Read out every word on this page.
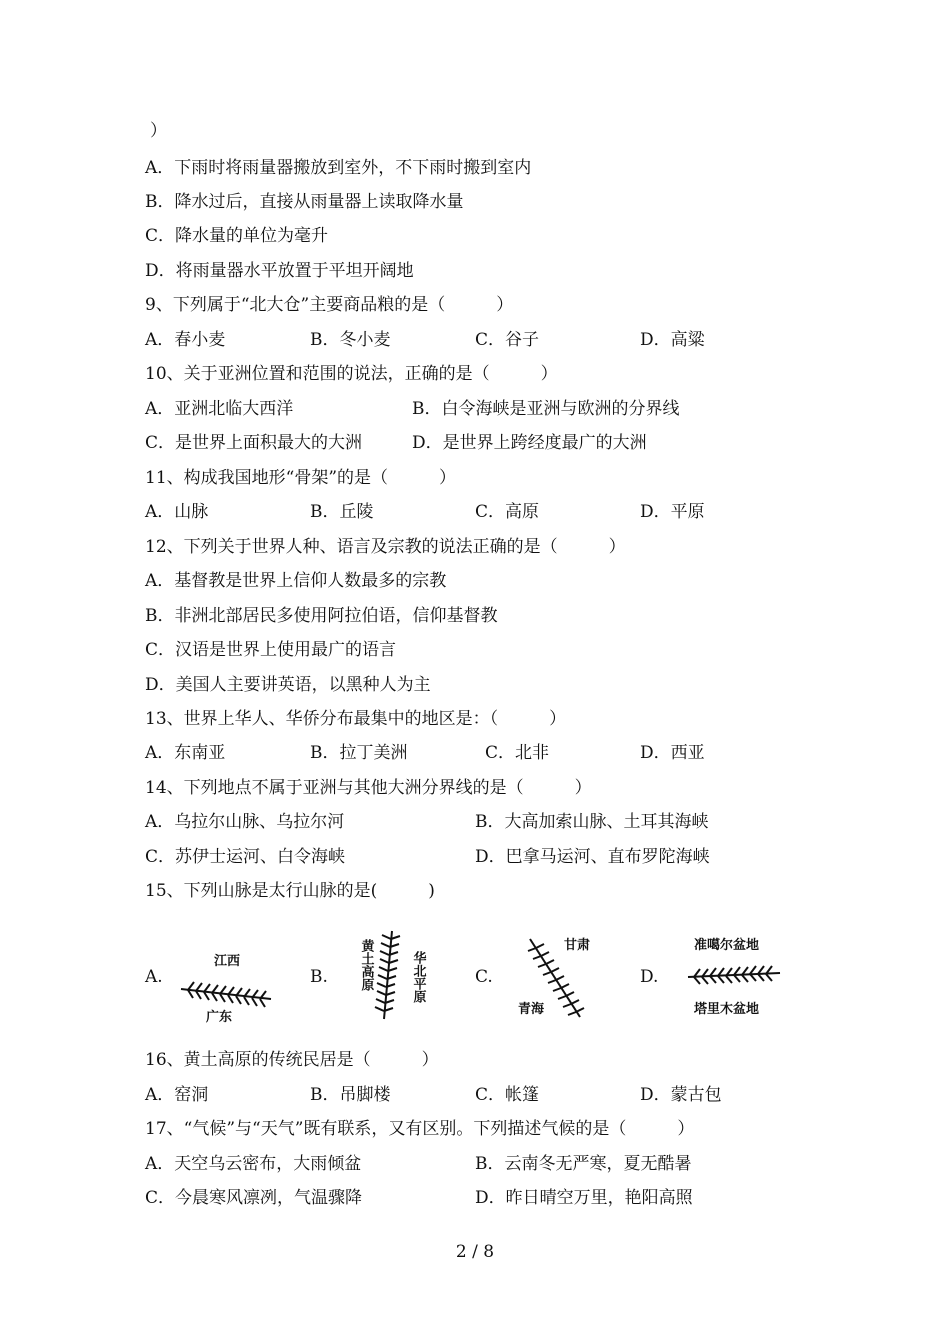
）
A．下雨时将雨量器搬放到室外，不下雨时搬到室内
B．降水过后，直接从雨量器上读取降水量
C．降水量的单位为毫升
D．将雨量器水平放置于平坦开阔地
9、下列属于“北大仓”主要商品粮的是（　　　）
A．春小麦	B．冬小麦	C．谷子	D．高粱
10、关于亚洲位置和范围的说法，正确的是（　　　）
A．亚洲北临大西洋	B．白令海峡是亚洲与欧洲的分界线
C．是世界上面积最大的大洲	D．是世界上跨经度最广的大洲
11、构成我国地形“骨架”的是（　　　）
A．山脉	B．丘陵	C．高原	D．平原
12、下列关于世界人种、语言及宗教的说法正确的是（　　　）
A．基督教是世界上信仰人数最多的宗教
B．非洲北部居民多使用阿拉伯语，信仰基督教
C．汉语是世界上使用最广的语言
D．美国人主要讲英语，以黑种人为主
13、世界上华人、华侨分布最集中的地区是：（　　　）
A．东南亚	B．拉丁美洲	C．北非	D．西亚
14、下列地点不属于亚洲与其他大洲分界线的是（　　　）
A．乌拉尔山脉、乌拉尔河	B．大高加索山脉、土耳其海峡
C．苏伊士运河、白令海峡	D．巴拿马运河、直布罗陀海峡
15、下列山脉是太行山脉的是(　　　)
A.
江西
广东
B. 黄土高原	华北平原	C.
甘肃
青海
D.
准噶尔盆地
塔里木盆地
16、黄土高原的传统民居是（　　　）
A．窑洞	B．吊脚楼	C．帐篷	D．蒙古包
17、“气候”与“天气”既有联系，又有区别。下列描述气候的是（　　　）
A．天空乌云密布，大雨倾盆	B．云南冬无严寒，夏无酷暑
C．今晨寒风凛冽，气温骤降	D．昨日晴空万里，艳阳高照
2 / 8
